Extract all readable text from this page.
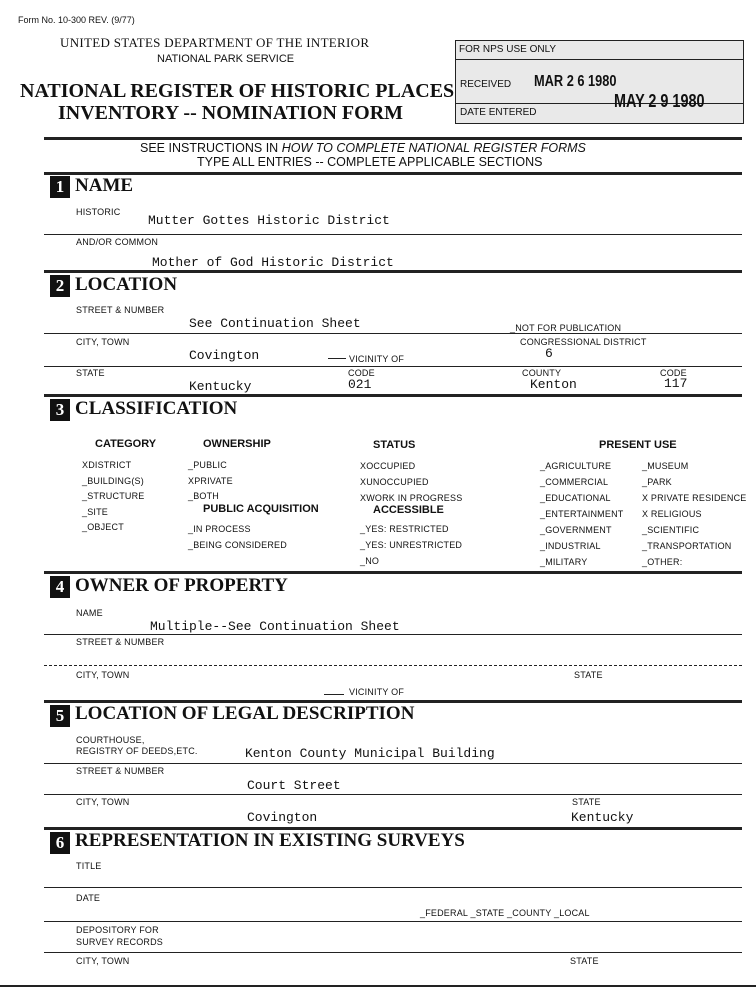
Form No. 10-300 REV. (9/77)
UNITED STATES DEPARTMENT OF THE INTERIOR
NATIONAL PARK SERVICE
NATIONAL REGISTER OF HISTORIC PLACES
INVENTORY -- NOMINATION FORM
FOR NPS USE ONLY
RECEIVED MAR 2 6 1980
DATE ENTERED
MAY 2 9 1980
SEE INSTRUCTIONS IN HOW TO COMPLETE NATIONAL REGISTER FORMS
TYPE ALL ENTRIES -- COMPLETE APPLICABLE SECTIONS
1 NAME
HISTORIC
Mutter Gottes Historic District
AND/OR COMMON
Mother of God Historic District
2 LOCATION
STREET & NUMBER
See Continuation Sheet	_NOT FOR PUBLICATION
CITY, TOWN	CONGRESSIONAL DISTRICT
Covington	VICINITY OF	6
STATE	CODE	COUNTY	CODE
Kentucky	021	Kenton	117
3 CLASSIFICATION
CATEGORY
XDISTRICT
_BUILDING(S)
_STRUCTURE
_SITE
_OBJECT
OWNERSHIP
_PUBLIC
XPRIVATE
_BOTH
PUBLIC ACQUISITION
_IN PROCESS
_BEING CONSIDERED
STATUS
XOCCUPIED
XUNOCCUPIED
XWORK IN PROGRESS
ACCESSIBLE
_YES: RESTRICTED
_YES: UNRESTRICTED
_NO
PRESENT USE
_AGRICULTURE
_COMMERCIAL
_EDUCATIONAL
_ENTERTAINMENT
_GOVERNMENT
_INDUSTRIAL
_MILITARY
_MUSEUM
_PARK
X PRIVATE RESIDENCE
X RELIGIOUS
_SCIENTIFIC
_TRANSPORTATION
_OTHER:
4 OWNER OF PROPERTY
NAME
Multiple--See Continuation Sheet
STREET & NUMBER
CITY, TOWN	STATE
VICINITY OF
5 LOCATION OF LEGAL DESCRIPTION
COURTHOUSE,
REGISTRY OF DEEDS,ETC.	Kenton County Municipal Building
STREET & NUMBER
Court Street
CITY, TOWN	STATE
Covington	Kentucky
6 REPRESENTATION IN EXISTING SURVEYS
TITLE
DATE
_FEDERAL _STATE _COUNTY _LOCAL
DEPOSITORY FOR
SURVEY RECORDS
CITY, TOWN	STATE
